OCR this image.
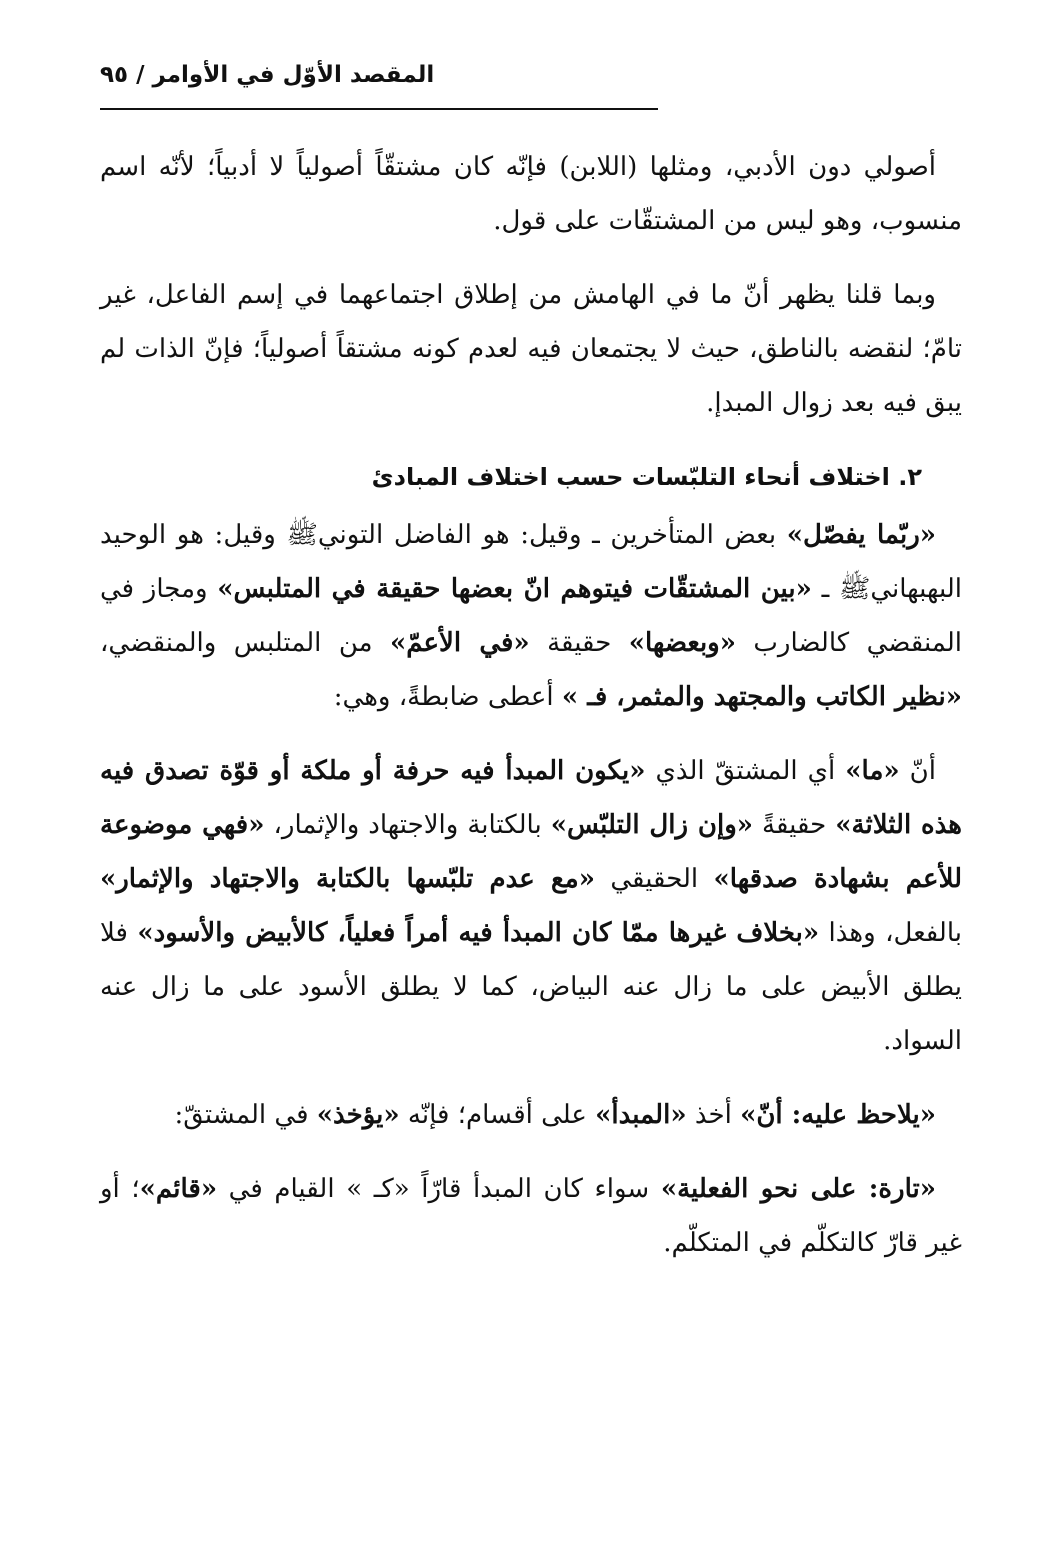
المقصد الأوّل في الأوامر / ٩٥

أصولي دون الأدبي، ومثلها (اللابن) فإنّه كان مشتقّاً أصولياً لا أدبياً؛ لأنّه اسم منسوب، وهو ليس من المشتقّات على قول.

وبما قلنا يظهر أنّ ما في الهامش من إطلاق اجتماعهما في إسم الفاعل، غير تامّ؛ لنقضه بالناطق، حيث لا يجتمعان فيه لعدم كونه مشتقاً أصولياً؛ فإنّ الذات لم يبق فيه بعد زوال المبدإ.

٢. اختلاف أنحاء التلبّسات حسب اختلاف المبادئ

«ربّما يفصّل» بعض المتأخرين ـ وقيل: هو الفاضل التونيﷺ وقيل: هو الوحيد البهبهانيﷺ ـ «بين المشتقّات فيتوهم انّ بعضها حقيقة في المتلبس» ومجاز في المنقضي كالضارب «وبعضها» حقيقة «في الأعمّ» من المتلبس والمنقضي، «نظير الكاتب والمجتهد والمثمر، فـ » أعطى ضابطةً، وهي:

أنّ «ما» أي المشتقّ الذي «يكون المبدأ فيه حرفة أو ملكة أو قوّة تصدق فيه هذه الثلاثة» حقيقةً «وإن زال التلبّس» بالكتابة والاجتهاد والإثمار، «فهي موضوعة للأعم بشهادة صدقها» الحقيقي «مع عدم تلبّسها بالكتابة والاجتهاد والإثمار» بالفعل، وهذا «بخلاف غيرها ممّا كان المبدأ فيه أمراً فعلياً، كالأبيض والأسود» فلا يطلق الأبيض على ما زال عنه البياض، كما لا يطلق الأسود على ما زال عنه السواد.

«يلاحظ عليه: أنّ» أخذ «المبدأ» على أقسام؛ فإنّه «يؤخذ» في المشتقّ:

«تارة: على نحو الفعلية» سواء كان المبدأ قارّاً «كـ » القيام في «قائم»؛ أو غير قارّ كالتكلّم في المتكلّم.
